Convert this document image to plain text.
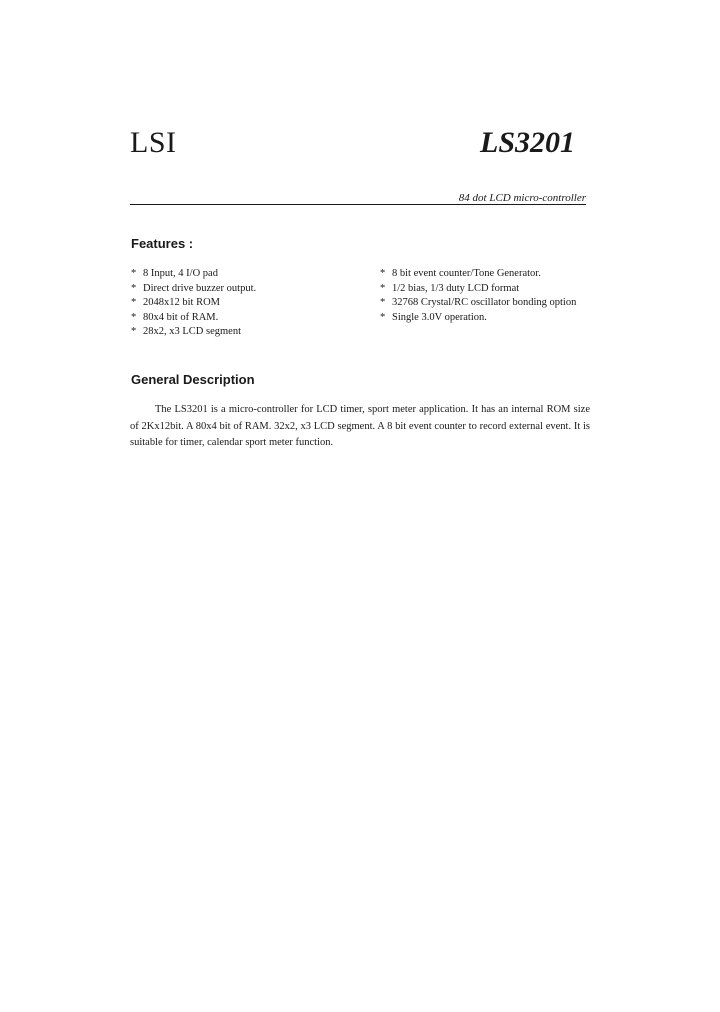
LSI	LS3201
84 dot LCD micro-controller
Features :
* 8 Input, 4 I/O pad
* Direct drive buzzer output.
* 2048x12 bit ROM
* 80x4 bit of RAM.
* 28x2, x3 LCD segment
* 8 bit event counter/Tone Generator.
* 1/2 bias, 1/3 duty LCD format
* 32768 Crystal/RC oscillator bonding option
* Single 3.0V operation.
General Description

The LS3201 is a micro-controller for LCD timer, sport meter application. It has an internal ROM size of 2Kx12bit. A 80x4 bit of RAM. 32x2, x3 LCD segment. A 8 bit event counter to record external event. It is suitable for timer, calendar sport meter function.
